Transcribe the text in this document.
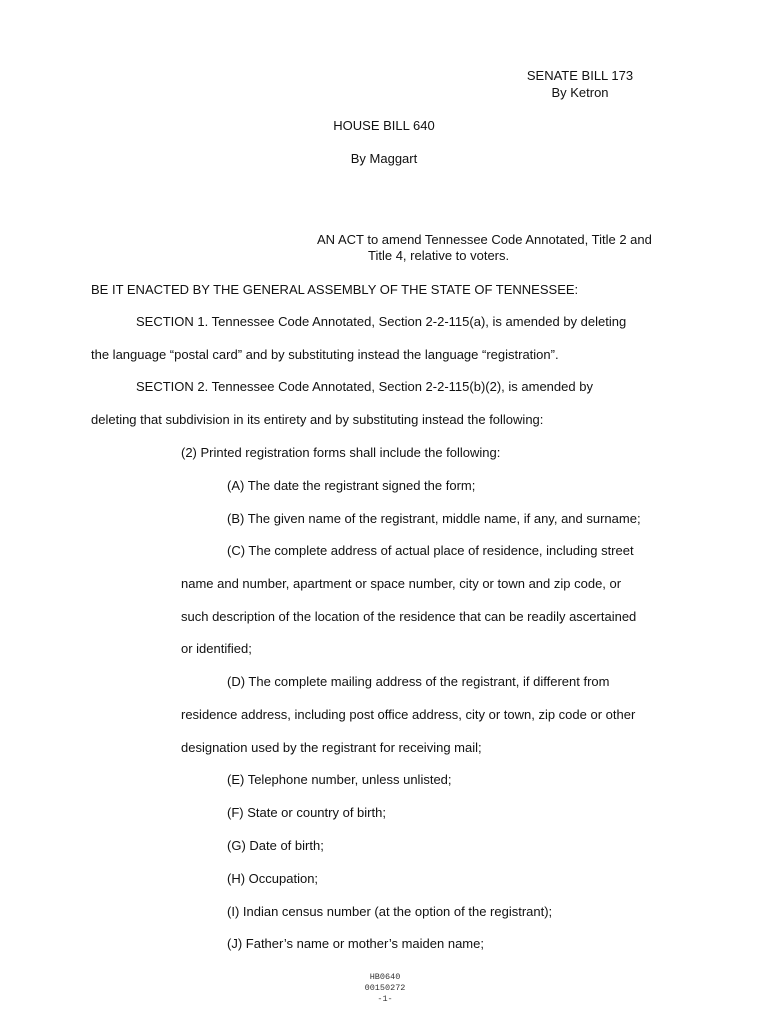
SENATE BILL 173
By Ketron
HOUSE BILL 640
By Maggart
AN ACT to amend Tennessee Code Annotated, Title 2 and
Title 4, relative to voters.
BE IT ENACTED BY THE GENERAL ASSEMBLY OF THE STATE OF TENNESSEE:
SECTION 1. Tennessee Code Annotated, Section 2-2-115(a), is amended by deleting
the language “postal card” and by substituting instead the language “registration”.
SECTION 2. Tennessee Code Annotated, Section 2-2-115(b)(2), is amended by
deleting that subdivision in its entirety and by substituting instead the following:
(2) Printed registration forms shall include the following:
(A) The date the registrant signed the form;
(B) The given name of the registrant, middle name, if any, and surname;
(C) The complete address of actual place of residence, including street
name and number, apartment or space number, city or town and zip code, or
such description of the location of the residence that can be readily ascertained
or identified;
(D) The complete mailing address of the registrant, if different from
residence address, including post office address, city or town, zip code or other
designation used by the registrant for receiving mail;
(E) Telephone number, unless unlisted;
(F) State or country of birth;
(G) Date of birth;
(H) Occupation;
(I) Indian census number (at the option of the registrant);
(J) Father’s name or mother’s maiden name;
HB0640
00150272
-1-
